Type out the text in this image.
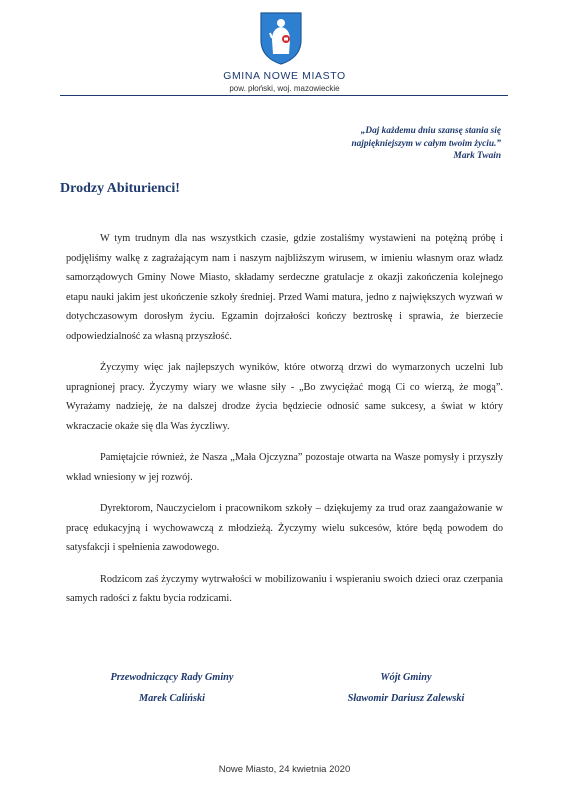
GMINA NOWE MIASTO
pow. płoński, woj. mazowieckie
„Daj każdemu dniu szansę stania się
najpiękniejszym w całym twoim życiu.”
Mark Twain
Drodzy Abiturienci!

W tym trudnym dla nas wszystkich czasie, gdzie zostaliśmy wystawieni na potężną próbę i podjęliśmy walkę z zagrażającym nam i naszym najbliższym wirusem, w imieniu własnym oraz władz samorządowych Gminy Nowe Miasto, składamy serdeczne gratulacje z okazji zakończenia kolejnego etapu nauki jakim jest ukończenie szkoły średniej. Przed Wami matura, jedno z największych wyzwań w dotychczasowym dorosłym życiu. Egzamin dojrzałości kończy beztroskę i sprawia, że bierzecie odpowiedzialność za własną przyszłość.

Życzymy więc jak najlepszych wyników, które otworzą drzwi do wymarzonych uczelni lub upragnionej pracy. Życzymy wiary we własne siły - „Bo zwyciężać mogą Ci co wierzą, że mogą”. Wyrażamy nadzieję, że na dalszej drodze życia będziecie odnosić same sukcesy, a świat w który wkraczacie okaże się dla Was życzliwy.

Pamiętajcie również, że Nasza „Mała Ojczyzna” pozostaje otwarta na Wasze pomysły i przyszły wkład wniesiony w jej rozwój.

Dyrektorom, Nauczycielom i pracownikom szkoły – dziękujemy za trud oraz zaangażowanie w pracę edukacyjną i wychowawczą z młodzieżą. Życzymy wielu sukcesów, które będą powodem do satysfakcji i spełnienia zawodowego.

Rodzicom zaś życzymy wytrwałości w mobilizowaniu i wspieraniu swoich dzieci oraz czerpania samych radości z faktu bycia rodzicami.

Przewodniczący Rady Gminy
Marek Caliński
Wójt Gminy
Sławomir Dariusz Zalewski
Nowe Miasto, 24 kwietnia 2020
